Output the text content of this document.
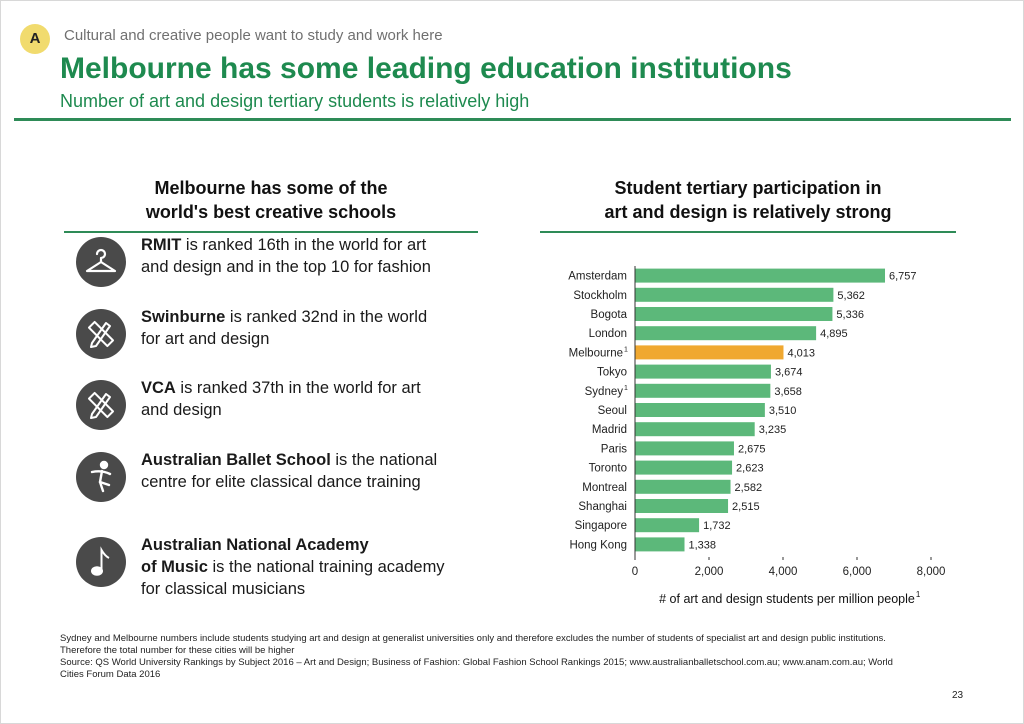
A	Cultural and creative people want to study and work here
Melbourne has some leading education institutions
Number of art and design tertiary students is relatively high
Melbourne has some of the
world's best creative schools
RMIT is ranked 16th in the world for art
and design and in the top 10 for fashion
Swinburne is ranked 32nd in the world
for art and design
VCA is ranked 37th in the world for art
and design
Australian Ballet School is the national
centre for elite classical dance training
Australian National Academy
of Music is the national training academy
for classical musicians
Student tertiary participation in
art and design is relatively strong
Amsterdam	6,757
Stockholm	5,362
Bogota	5,336
London	4,895
Melbourne 1	4,013
Tokyo	3,674
Sydney 1	3,658
Seoul	3,510
Madrid	3,235
Paris	2,675
Toronto	2,623
Montreal	2,582
Shanghai	2,515
Singapore	1,732
Hong Kong	1,338
0	2,000	4,000	6,000	8,000
# of art and design students per million people 1
Sydney and Melbourne numbers include students studying art and design at generalist universities only and therefore excludes the number of students of specialist art and design public institutions.
Therefore the total number for these cities will be higher
Source: QS World University Rankings by Subject 2016 – Art and Design; Business of Fashion: Global Fashion School Rankings 2015; www.australianballetschool.com.au; www.anam.com.au; World
Cities Forum Data 2016
23
